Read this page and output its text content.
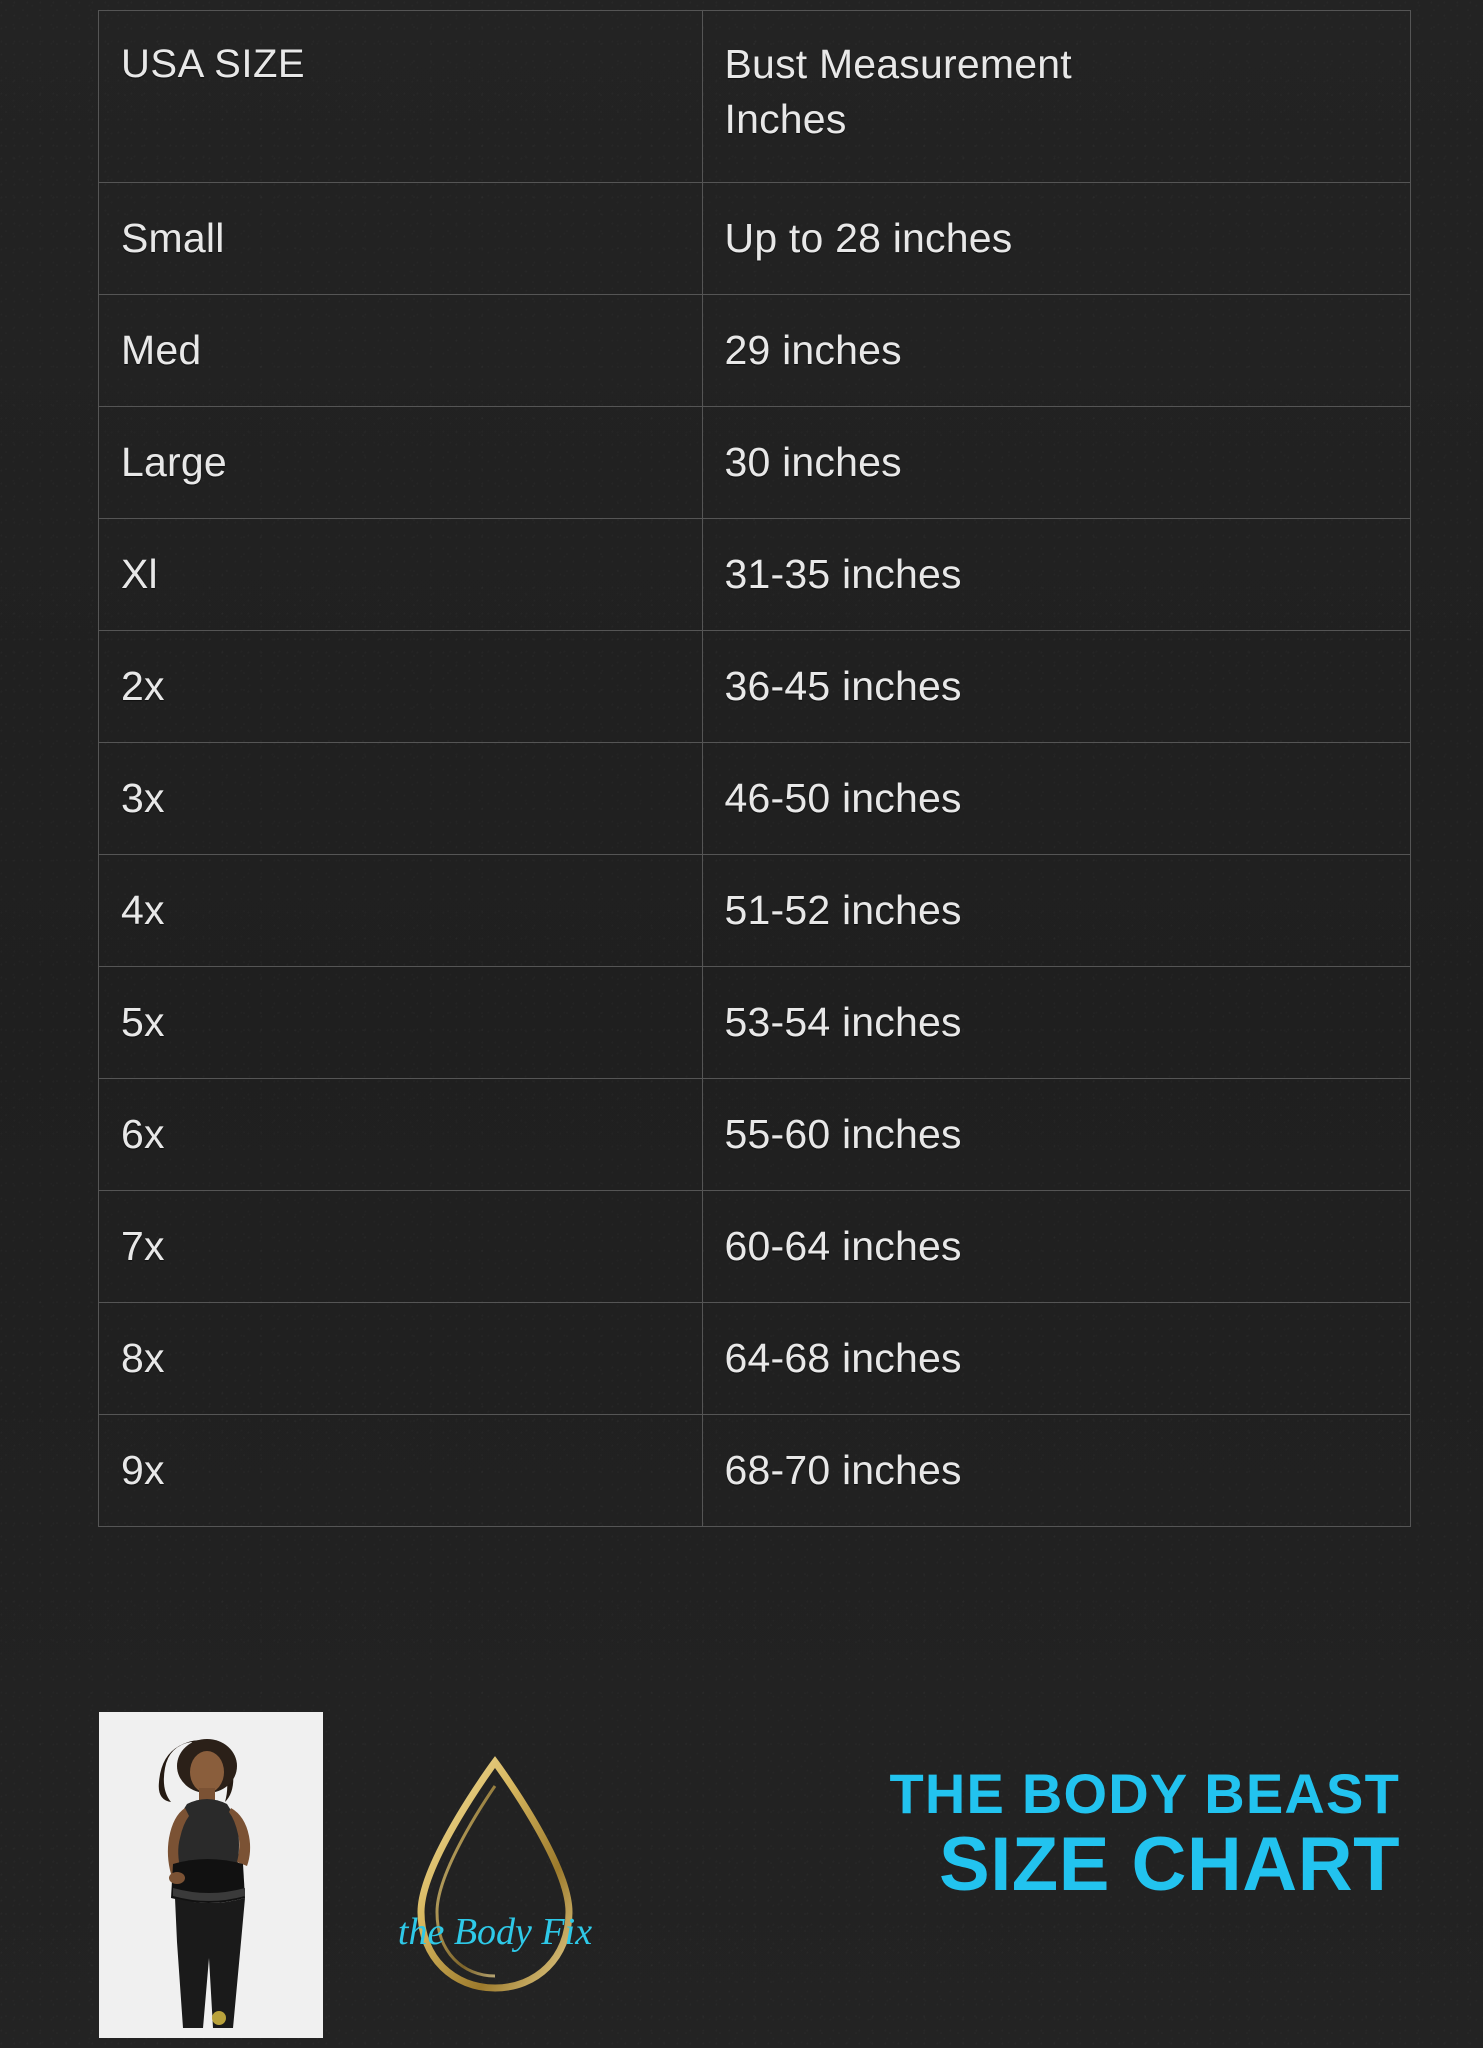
USA SIZE	Bust Measurement
Inches

Small	Up to 28 inches
Med	29 inches
Large	30 inches
Xl	31-35 inches
2x	36-45 inches
3x	46-50 inches
4x	51-52 inches
5x	53-54 inches
6x	55-60 inches
7x	60-64 inches
8x	64-68 inches
9x	68-70 inches
the Body Fix
THE BODY BEAST
SIZE CHART
